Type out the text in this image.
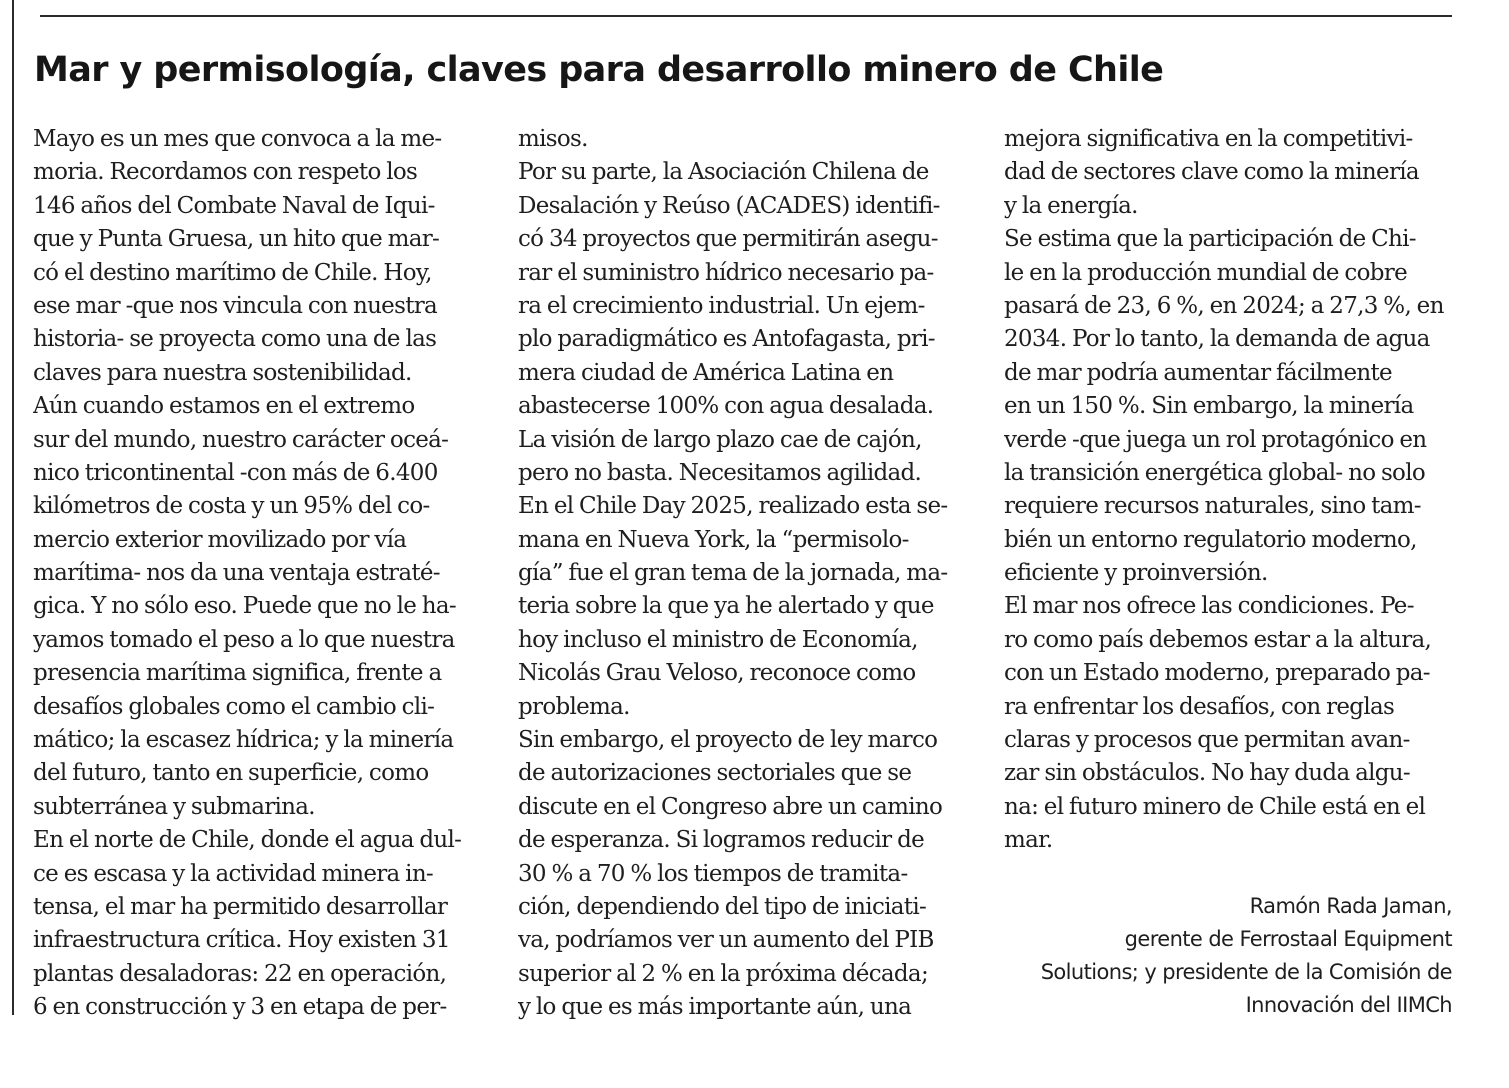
Mar y permisología, claves para desarrollo minero de Chile
Mayo es un mes que convoca a la me-
moria. Recordamos con respeto los
146 años del Combate Naval de Iqui-
que y Punta Gruesa, un hito que mar-
có el destino marítimo de Chile. Hoy,
ese mar -que nos vincula con nuestra
historia- se proyecta como una de las
claves para nuestra sostenibilidad.
Aún cuando estamos en el extremo
sur del mundo, nuestro carácter oceá-
nico tricontinental -con más de 6.400
kilómetros de costa y un 95% del co-
mercio exterior movilizado por vía
marítima- nos da una ventaja estraté-
gica. Y no sólo eso. Puede que no le ha-
yamos tomado el peso a lo que nuestra
presencia marítima significa, frente a
desafíos globales como el cambio cli-
mático; la escasez hídrica; y la minería
del futuro, tanto en superficie, como
subterránea y submarina.
En el norte de Chile, donde el agua dul-
ce es escasa y la actividad minera in-
tensa, el mar ha permitido desarrollar
infraestructura crítica. Hoy existen 31
plantas desaladoras: 22 en operación,
6 en construcción y 3 en etapa de per-
misos.
Por su parte, la Asociación Chilena de
Desalación y Reúso (ACADES) identifi-
có 34 proyectos que permitirán asegu-
rar el suministro hídrico necesario pa-
ra el crecimiento industrial. Un ejem-
plo paradigmático es Antofagasta, pri-
mera ciudad de América Latina en
abastecerse 100% con agua desalada.
La visión de largo plazo cae de cajón,
pero no basta. Necesitamos agilidad.
En el Chile Day 2025, realizado esta se-
mana en Nueva York, la “permisolo-
gía” fue el gran tema de la jornada, ma-
teria sobre la que ya he alertado y que
hoy incluso el ministro de Economía,
Nicolás Grau Veloso, reconoce como
problema.
Sin embargo, el proyecto de ley marco
de autorizaciones sectoriales que se
discute en el Congreso abre un camino
de esperanza. Si logramos reducir de
30 % a 70 % los tiempos de tramita-
ción, dependiendo del tipo de iniciati-
va, podríamos ver un aumento del PIB
superior al 2 % en la próxima década;
y lo que es más importante aún, una
mejora significativa en la competitivi-
dad de sectores clave como la minería
y la energía.
Se estima que la participación de Chi-
le en la producción mundial de cobre
pasará de 23, 6 %, en 2024; a 27,3 %, en
2034. Por lo tanto, la demanda de agua
de mar podría aumentar fácilmente
en un 150 %. Sin embargo, la minería
verde -que juega un rol protagónico en
la transición energética global- no solo
requiere recursos naturales, sino tam-
bién un entorno regulatorio moderno,
eficiente y proinversión.
El mar nos ofrece las condiciones. Pe-
ro como país debemos estar a la altura,
con un Estado moderno, preparado pa-
ra enfrentar los desafíos, con reglas
claras y procesos que permitan avan-
zar sin obstáculos. No hay duda algu-
na: el futuro minero de Chile está en el
mar.
Ramón Rada Jaman,
gerente de Ferrostaal Equipment
Solutions; y presidente de la Comisión de
Innovación del IIMCh
